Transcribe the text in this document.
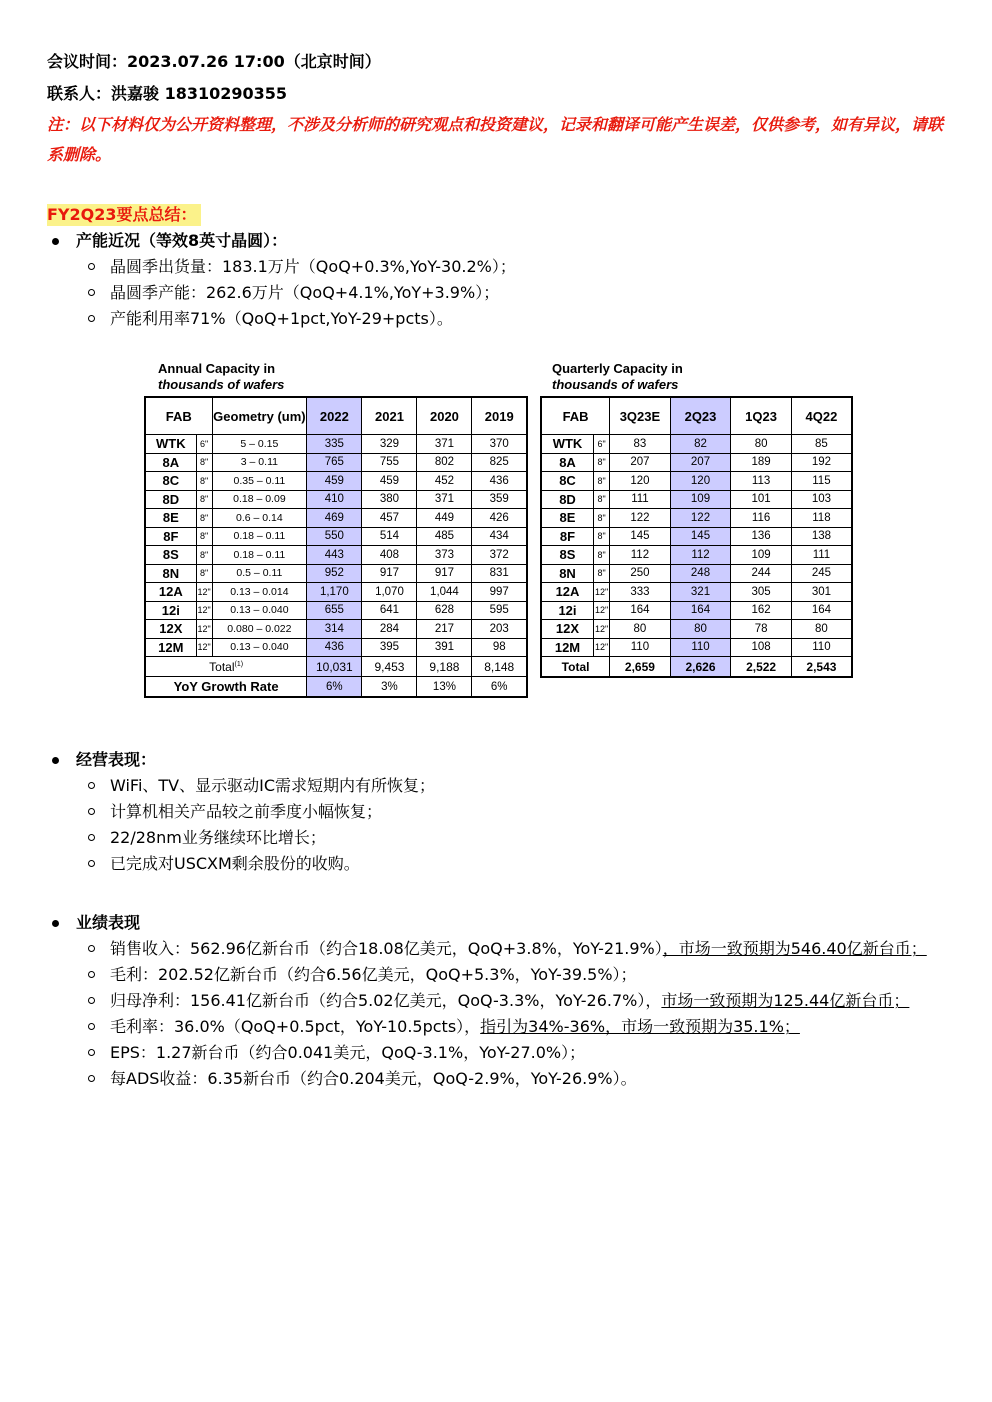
会议时间：2023.07.26 17:00（北京时间）
联系人：洪嘉骏 18310290355
注：以下材料仅为公开资料整理，不涉及分析师的研究观点和投资建议，记录和翻译可能产生误差，仅供参考，如有异议，请联系删除。
FY2Q23要点总结：
产能近况（等效8英寸晶圆）：
晶圆季出货量：183.1万片（QoQ+0.3%,YoY-30.2%）；
晶圆季产能：262.6万片（QoQ+4.1%,YoY+3.9%）；
产能利用率71%（QoQ+1pct,YoY-29+pcts）。
Annual Capacity in
thousands of wafers
FAB		Geometry (um)	2022	2021	2020	2019
WTK	6"	5 – 0.15	335	329	371	370
8A	8"	3 – 0.11	765	755	802	825
8C	8"	0.35 – 0.11	459	459	452	436
8D	8"	0.18 – 0.09	410	380	371	359
8E	8"	0.6 – 0.14	469	457	449	426
8F	8"	0.18 – 0.11	550	514	485	434
8S	8"	0.18 – 0.11	443	408	373	372
8N	8"	0.5 – 0.11	952	917	917	831
12A	12"	0.13 – 0.014	1,170	1,070	1,044	997
12i	12"	0.13 – 0.040	655	641	628	595
12X	12"	0.080 – 0.022	314	284	217	203
12M	12"	0.13 – 0.040	436	395	391	98
Total$^{(1)}$			10,031	9,453	9,188	8,148
YoY Growth Rate			6%	3%	13%	6%
Quarterly Capacity in
thousands of wafers
FAB		3Q23E	2Q23	1Q23	4Q22
WTK	6"	83	82	80	85
8A	8"	207	207	189	192
8C	8"	120	120	113	115
8D	8"	111	109	101	103
8E	8"	122	122	116	118
8F	8"	145	145	136	138
8S	8"	112	112	109	111
8N	8"	250	248	244	245
12A	12"	333	321	305	301
12i	12"	164	164	162	164
12X	12"	80	80	78	80
12M	12"	110	110	108	110
Total		2,659	2,626	2,522	2,543
经营表现：
WiFi、TV、显示驱动IC需求短期内有所恢复；
计算机相关产品较之前季度小幅恢复；
22/28nm业务继续环比增长；
已完成对USCXM剩余股份的收购。
业绩表现
销售收入：562.96亿新台币（约合18.08亿美元，QoQ+3.8%，YoY-21.9%），市场一致预期为546.40亿新台币；
毛利：202.52亿新台币（约合6.56亿美元，QoQ+5.3%，YoY-39.5%）；
归母净利：156.41亿新台币（约合5.02亿美元，QoQ-3.3%，YoY-26.7%），市场一致预期为125.44亿新台币；
毛利率：36.0%（QoQ+0.5pct，YoY-10.5pcts），指引为34%-36%，市场一致预期为35.1%；
EPS：1.27新台币（约合0.041美元，QoQ-3.1%，YoY-27.0%）；
每ADS收益：6.35新台币（约合0.204美元，QoQ-2.9%，YoY-26.9%）。
